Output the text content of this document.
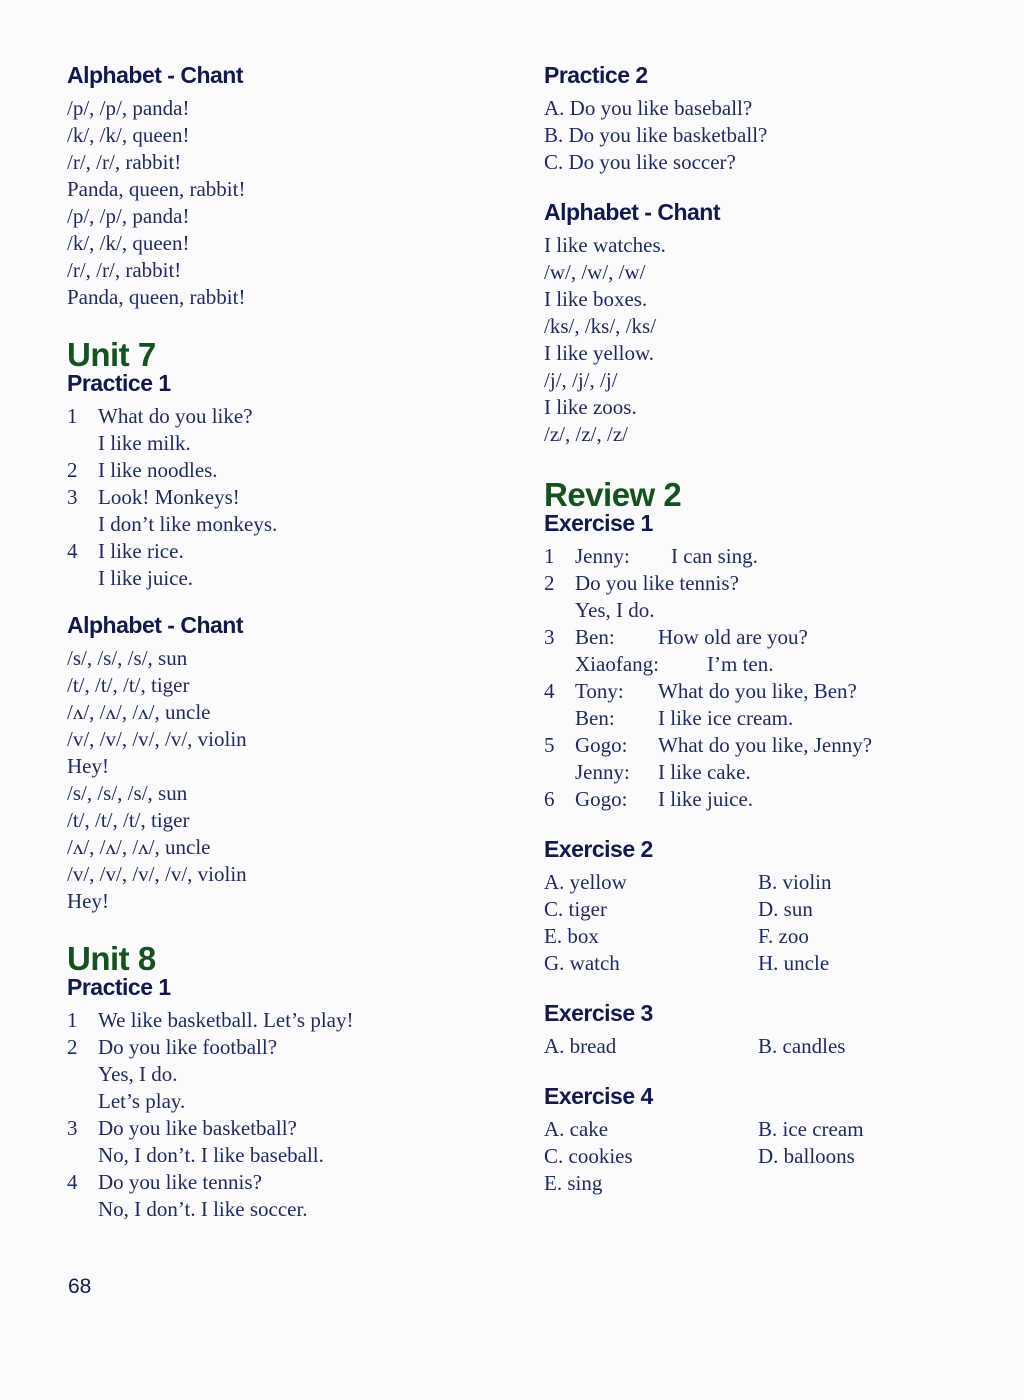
Alphabet - Chant
/p/, /p/, panda!
/k/, /k/, queen!
/r/, /r/, rabbit!
Panda, queen, rabbit!
/p/, /p/, panda!
/k/, /k/, queen!
/r/, /r/, rabbit!
Panda, queen, rabbit!
Unit 7
Practice 1
1 What do you like?
I like milk.
2 I like noodles.
3 Look! Monkeys!
I don’t like monkeys.
4 I like rice.
I like juice.
Alphabet - Chant
/s/, /s/, /s/, sun
/t/, /t/, /t/, tiger
/ʌ/, /ʌ/, /ʌ/, uncle
/v/, /v/, /v/, /v/, violin
Hey!
/s/, /s/, /s/, sun
/t/, /t/, /t/, tiger
/ʌ/, /ʌ/, /ʌ/, uncle
/v/, /v/, /v/, /v/, violin
Hey!
Unit 8
Practice 1
1 We like basketball. Let’s play!
2 Do you like football?
Yes, I do.
Let’s play.
3 Do you like basketball?
No, I don’t. I like baseball.
4 Do you like tennis?
No, I don’t. I like soccer.
68
Practice 2
A. Do you like baseball?
B. Do you like basketball?
C. Do you like soccer?
Alphabet - Chant
I like watches.
/w/, /w/, /w/
I like boxes.
/ks/, /ks/, /ks/
I like yellow.
/j/, /j/, /j/
I like zoos.
/z/, /z/, /z/
Review 2
Exercise 1
1 Jenny: I can sing.
2 Do you like tennis?
Yes, I do.
3 Ben: How old are you?
Xiaofang: I’m ten.
4 Tony: What do you like, Ben?
Ben: I like ice cream.
5 Gogo: What do you like, Jenny?
Jenny: I like cake.
6 Gogo: I like juice.
Exercise 2
A. yellow	B. violin
C. tiger	D. sun
E. box	F. zoo
G. watch	H. uncle
Exercise 3
A. bread	B. candles
Exercise 4
A. cake	B. ice cream
C. cookies	D. balloons
E. sing
